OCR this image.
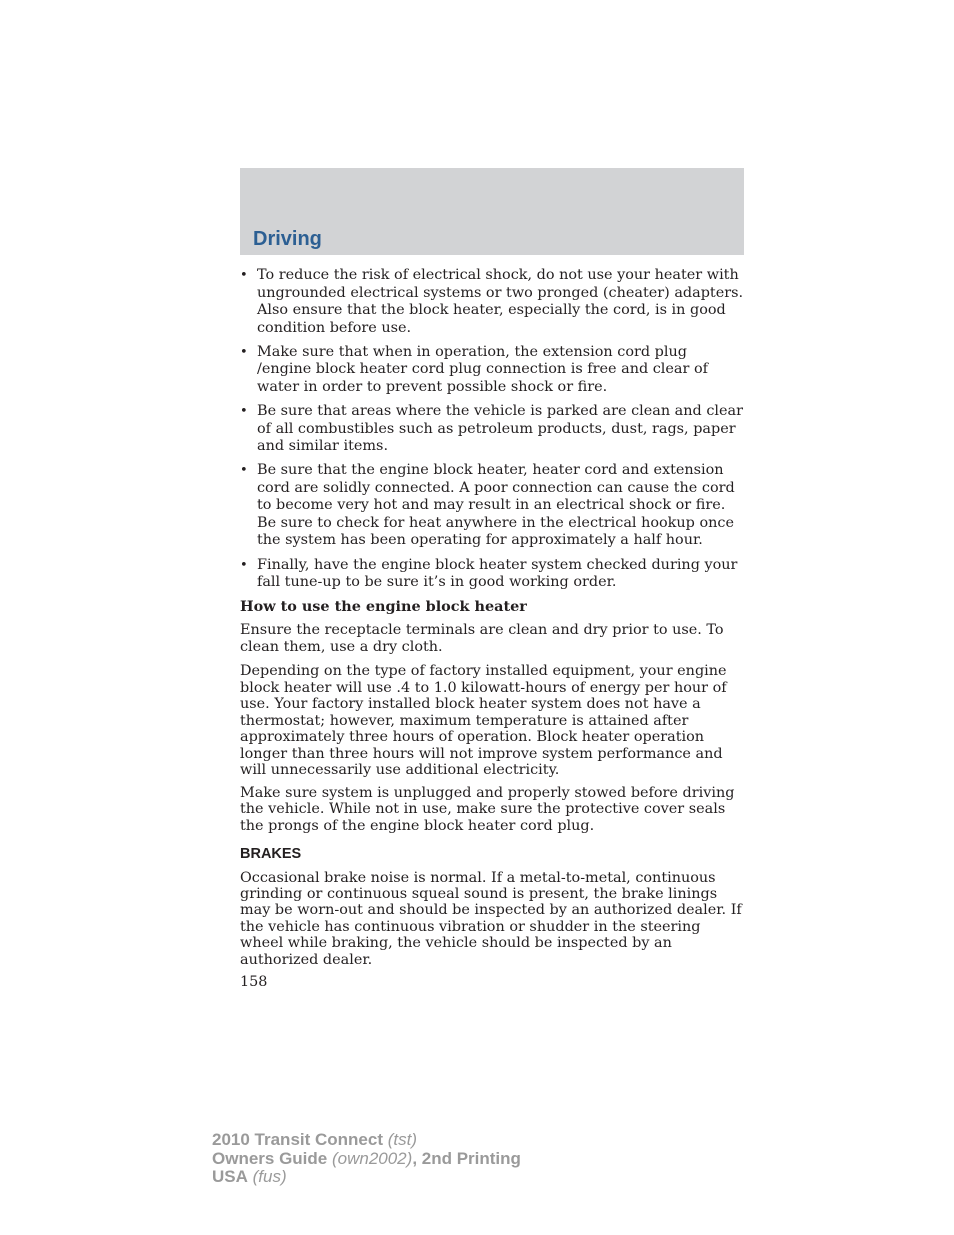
Driving
• To reduce the risk of electrical shock, do not use your heater with ungrounded electrical systems or two pronged (cheater) adapters. Also ensure that the block heater, especially the cord, is in good condition before use.
• Make sure that when in operation, the extension cord plug /engine block heater cord plug connection is free and clear of water in order to prevent possible shock or fire.
• Be sure that areas where the vehicle is parked are clean and clear of all combustibles such as petroleum products, dust, rags, paper and similar items.
• Be sure that the engine block heater, heater cord and extension cord are solidly connected. A poor connection can cause the cord to become very hot and may result in an electrical shock or fire. Be sure to check for heat anywhere in the electrical hookup once the system has been operating for approximately a half hour.
• Finally, have the engine block heater system checked during your fall tune-up to be sure it’s in good working order.
How to use the engine block heater

Ensure the receptacle terminals are clean and dry prior to use. To clean them, use a dry cloth.

Depending on the type of factory installed equipment, your engine block heater will use .4 to 1.0 kilowatt-hours of energy per hour of use. Your factory installed block heater system does not have a thermostat; however, maximum temperature is attained after approximately three hours of operation. Block heater operation longer than three hours will not improve system performance and will unnecessarily use additional electricity.

Make sure system is unplugged and properly stowed before driving the vehicle. While not in use, make sure the protective cover seals the prongs of the engine block heater cord plug.

BRAKES

Occasional brake noise is normal. If a metal-to-metal, continuous grinding or continuous squeal sound is present, the brake linings may be worn-out and should be inspected by an authorized dealer. If the vehicle has continuous vibration or shudder in the steering wheel while braking, the vehicle should be inspected by an authorized dealer.

158
2010 Transit Connect (tst)
Owners Guide (own2002), 2nd Printing
USA (fus)
